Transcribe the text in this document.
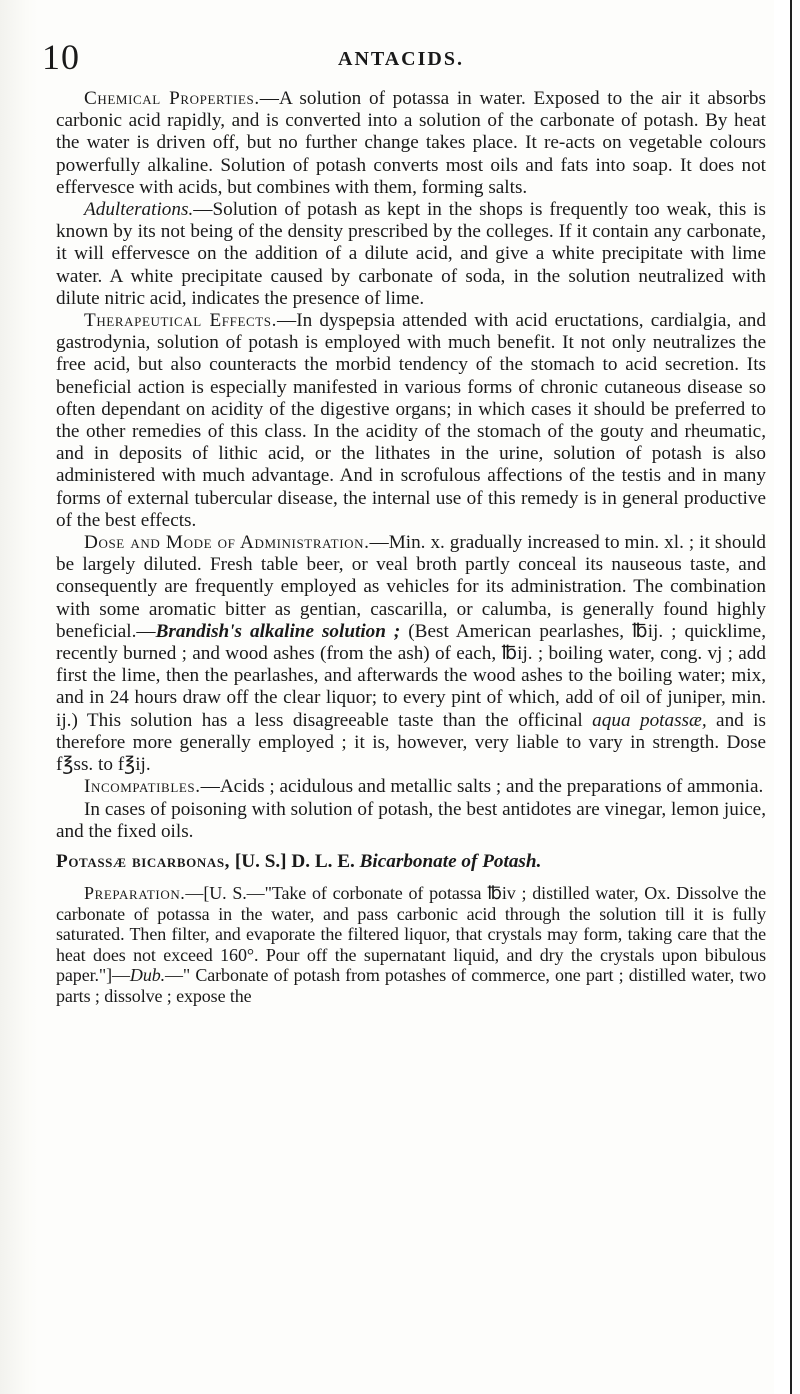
10	ANTACIDS.

Chemical Properties.—A solution of potassa in water. Exposed to the air it absorbs carbonic acid rapidly, and is converted into a solution of the carbonate of potash. By heat the water is driven off, but no further change takes place. It re-acts on vegetable colours powerfully alkaline. Solution of potash converts most oils and fats into soap. It does not effervesce with acids, but combines with them, forming salts.

Adulterations.—Solution of potash as kept in the shops is frequently too weak, this is known by its not being of the density prescribed by the colleges. If it contain any carbonate, it will effervesce on the addition of a dilute acid, and give a white precipitate with lime water. A white precipitate caused by carbonate of soda, in the solution neutralized with dilute nitric acid, indicates the presence of lime.

Therapeutical Effects.—In dyspepsia attended with acid eructations, cardialgia, and gastrodynia, solution of potash is employed with much benefit. It not only neutralizes the free acid, but also counteracts the morbid tendency of the stomach to acid secretion. Its beneficial action is especially manifested in various forms of chronic cutaneous disease so often dependant on acidity of the digestive organs; in which cases it should be preferred to the other remedies of this class. In the acidity of the stomach of the gouty and rheumatic, and in deposits of lithic acid, or the lithates in the urine, solution of potash is also administered with much advantage. And in scrofulous affections of the testis and in many forms of external tubercular disease, the internal use of this remedy is in general productive of the best effects.

Dose and Mode of Administration.—Min. x. gradually increased to min. xl. ; it should be largely diluted. Fresh table beer, or veal broth partly conceal its nauseous taste, and consequently are frequently employed as vehicles for its administration. The combination with some aromatic bitter as gentian, cascarilla, or calumba, is generally found highly beneficial.—Brandish's alkaline solution ; (Best American pearlashes, ℔ij. ; quicklime, recently burned ; and wood ashes (from the ash) of each, ℔ij. ; boiling water, cong. vj ; add first the lime, then the pearlashes, and afterwards the wood ashes to the boiling water; mix, and in 24 hours draw off the clear liquor; to every pint of which, add of oil of juniper, min. ij.) This solution has a less disagreeable taste than the officinal aqua potassæ, and is therefore more generally employed ; it is, however, very liable to vary in strength. Dose f℥ss. to f℥ij.

Incompatibles.—Acids ; acidulous and metallic salts ; and the preparations of ammonia.

In cases of poisoning with solution of potash, the best antidotes are vinegar, lemon juice, and the fixed oils.

Potassæ bicarbonas, [U. S.] D. L. E. Bicarbonate of Potash.

Preparation.—[U. S.—"Take of corbonate of potassa ℔iv ; distilled water, Ox. Dissolve the carbonate of potassa in the water, and pass carbonic acid through the solution till it is fully saturated. Then filter, and evaporate the filtered liquor, that crystals may form, taking care that the heat does not exceed 160°. Pour off the supernatant liquid, and dry the crystals upon bibulous paper."]—Dub.—" Carbonate of potash from potashes of commerce, one part ; distilled water, two parts ; dissolve ; expose the
